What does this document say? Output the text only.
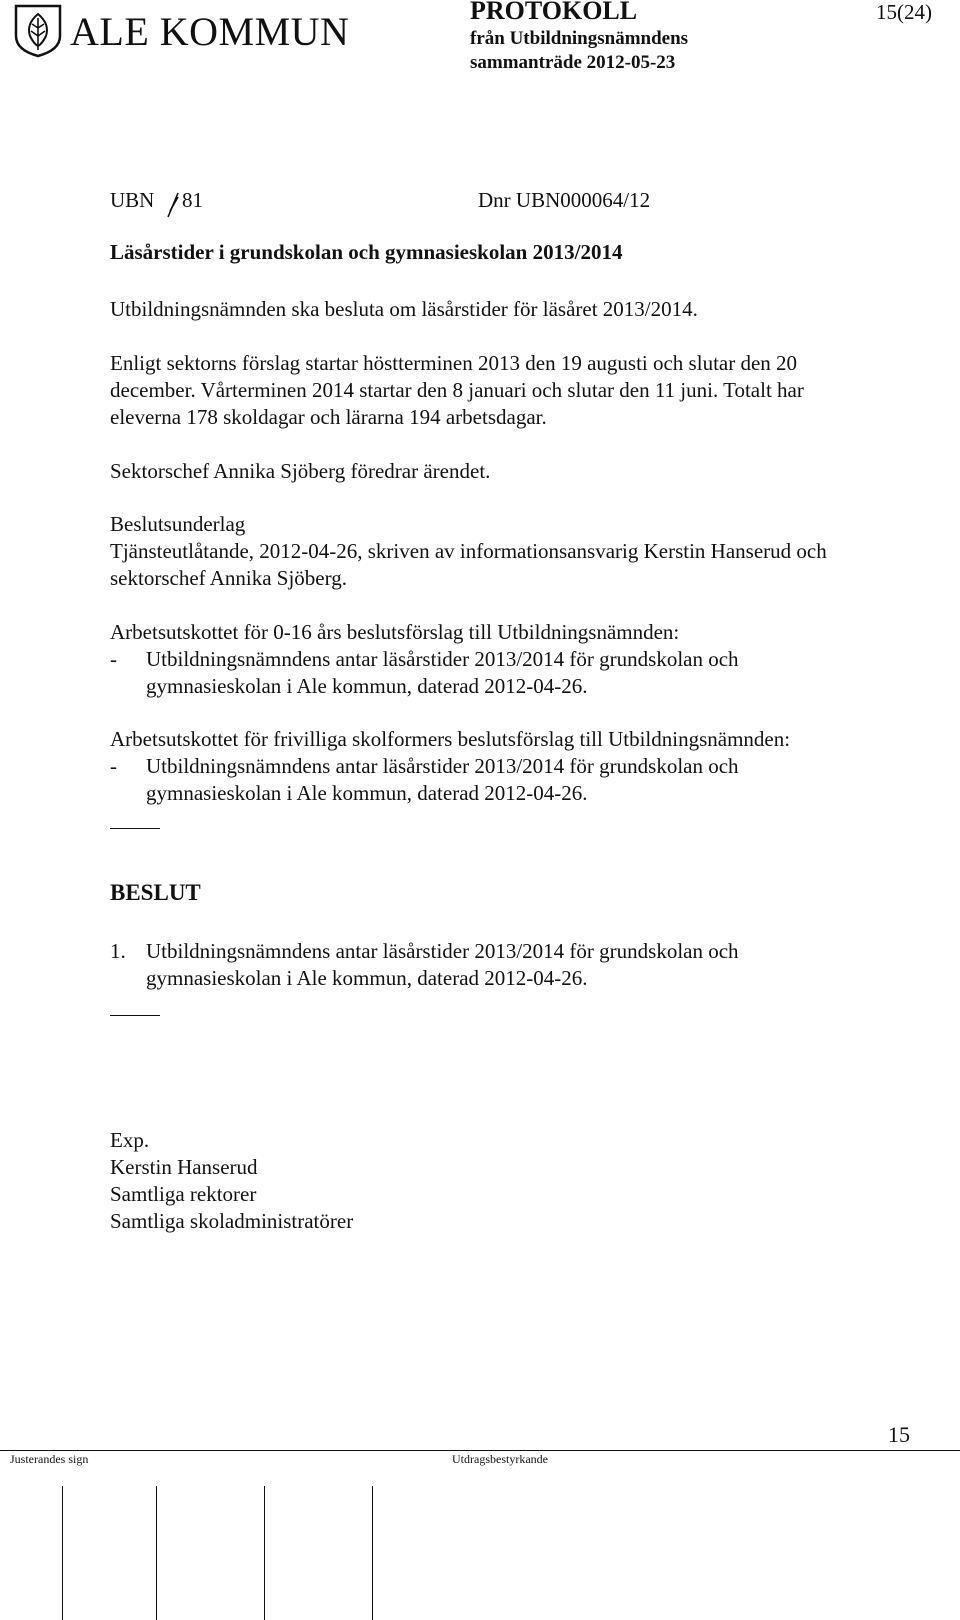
ALE KOMMUN	PROTOKOLL
från Utbildningsnämndens
sammanträde 2012-05-23
15(24)
UBN 81	Dnr UBN000064/12
Läsårstider i grundskolan och gymnasieskolan 2013/2014
Utbildningsnämnden ska besluta om läsårstider för läsåret 2013/2014.
Enligt sektorns förslag startar höstterminen 2013 den 19 augusti och slutar den 20
december. Vårterminen 2014 startar den 8 januari och slutar den 11 juni. Totalt har
eleverna 178 skoldagar och lärarna 194 arbetsdagar.
Sektorschef Annika Sjöberg föredrar ärendet.
Beslutsunderlag
Tjänsteutlåtande, 2012-04-26, skriven av informationsansvarig Kerstin Hanserud och
sektorschef Annika Sjöberg.
Arbetsutskottet för 0-16 års beslutsförslag till Utbildningsnämnden:
- Utbildningsnämndens antar läsårstider 2013/2014 för grundskolan och
gymnasieskolan i Ale kommun, daterad 2012-04-26.
Arbetsutskottet för frivilliga skolformers beslutsförslag till Utbildningsnämnden:
- Utbildningsnämndens antar läsårstider 2013/2014 för grundskolan och
gymnasieskolan i Ale kommun, daterad 2012-04-26.
BESLUT
1. Utbildningsnämndens antar läsårstider 2013/2014 för grundskolan och
gymnasieskolan i Ale kommun, daterad 2012-04-26.
Exp.
Kerstin Hanserud
Samtliga rektorer
Samtliga skoladministratörer
15
Justerandes sign	Utdragsbestyrkande
